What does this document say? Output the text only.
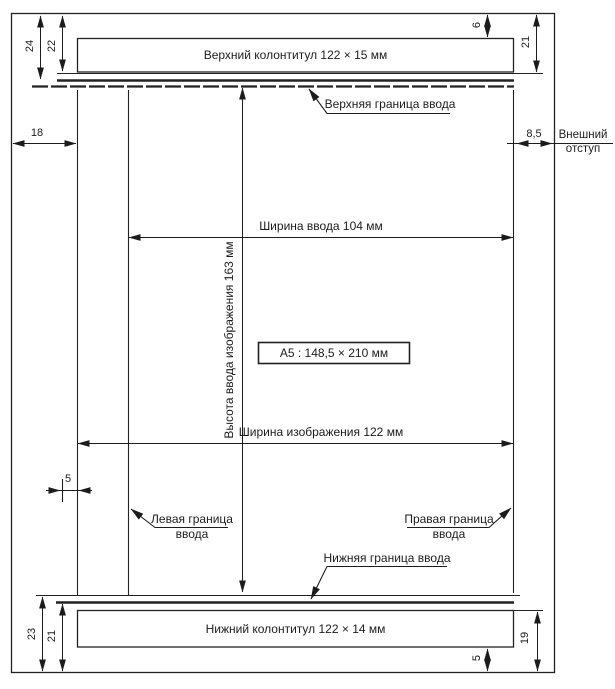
Верхний колонтитул 122 × 15 мм
Нижний колонтитул 122 × 14 мм
A5 : 148,5 × 210 мм
Ширина ввода 104 мм
Ширина изображения 122 мм
Высота ввода изображения 163 мм
Верхняя граница ввода
Нижняя граница ввода
Левая граница
ввода
Правая граница
ввода
Внешний
отступ
24 22
6
21
23 21	19
5
18	8,5
5
